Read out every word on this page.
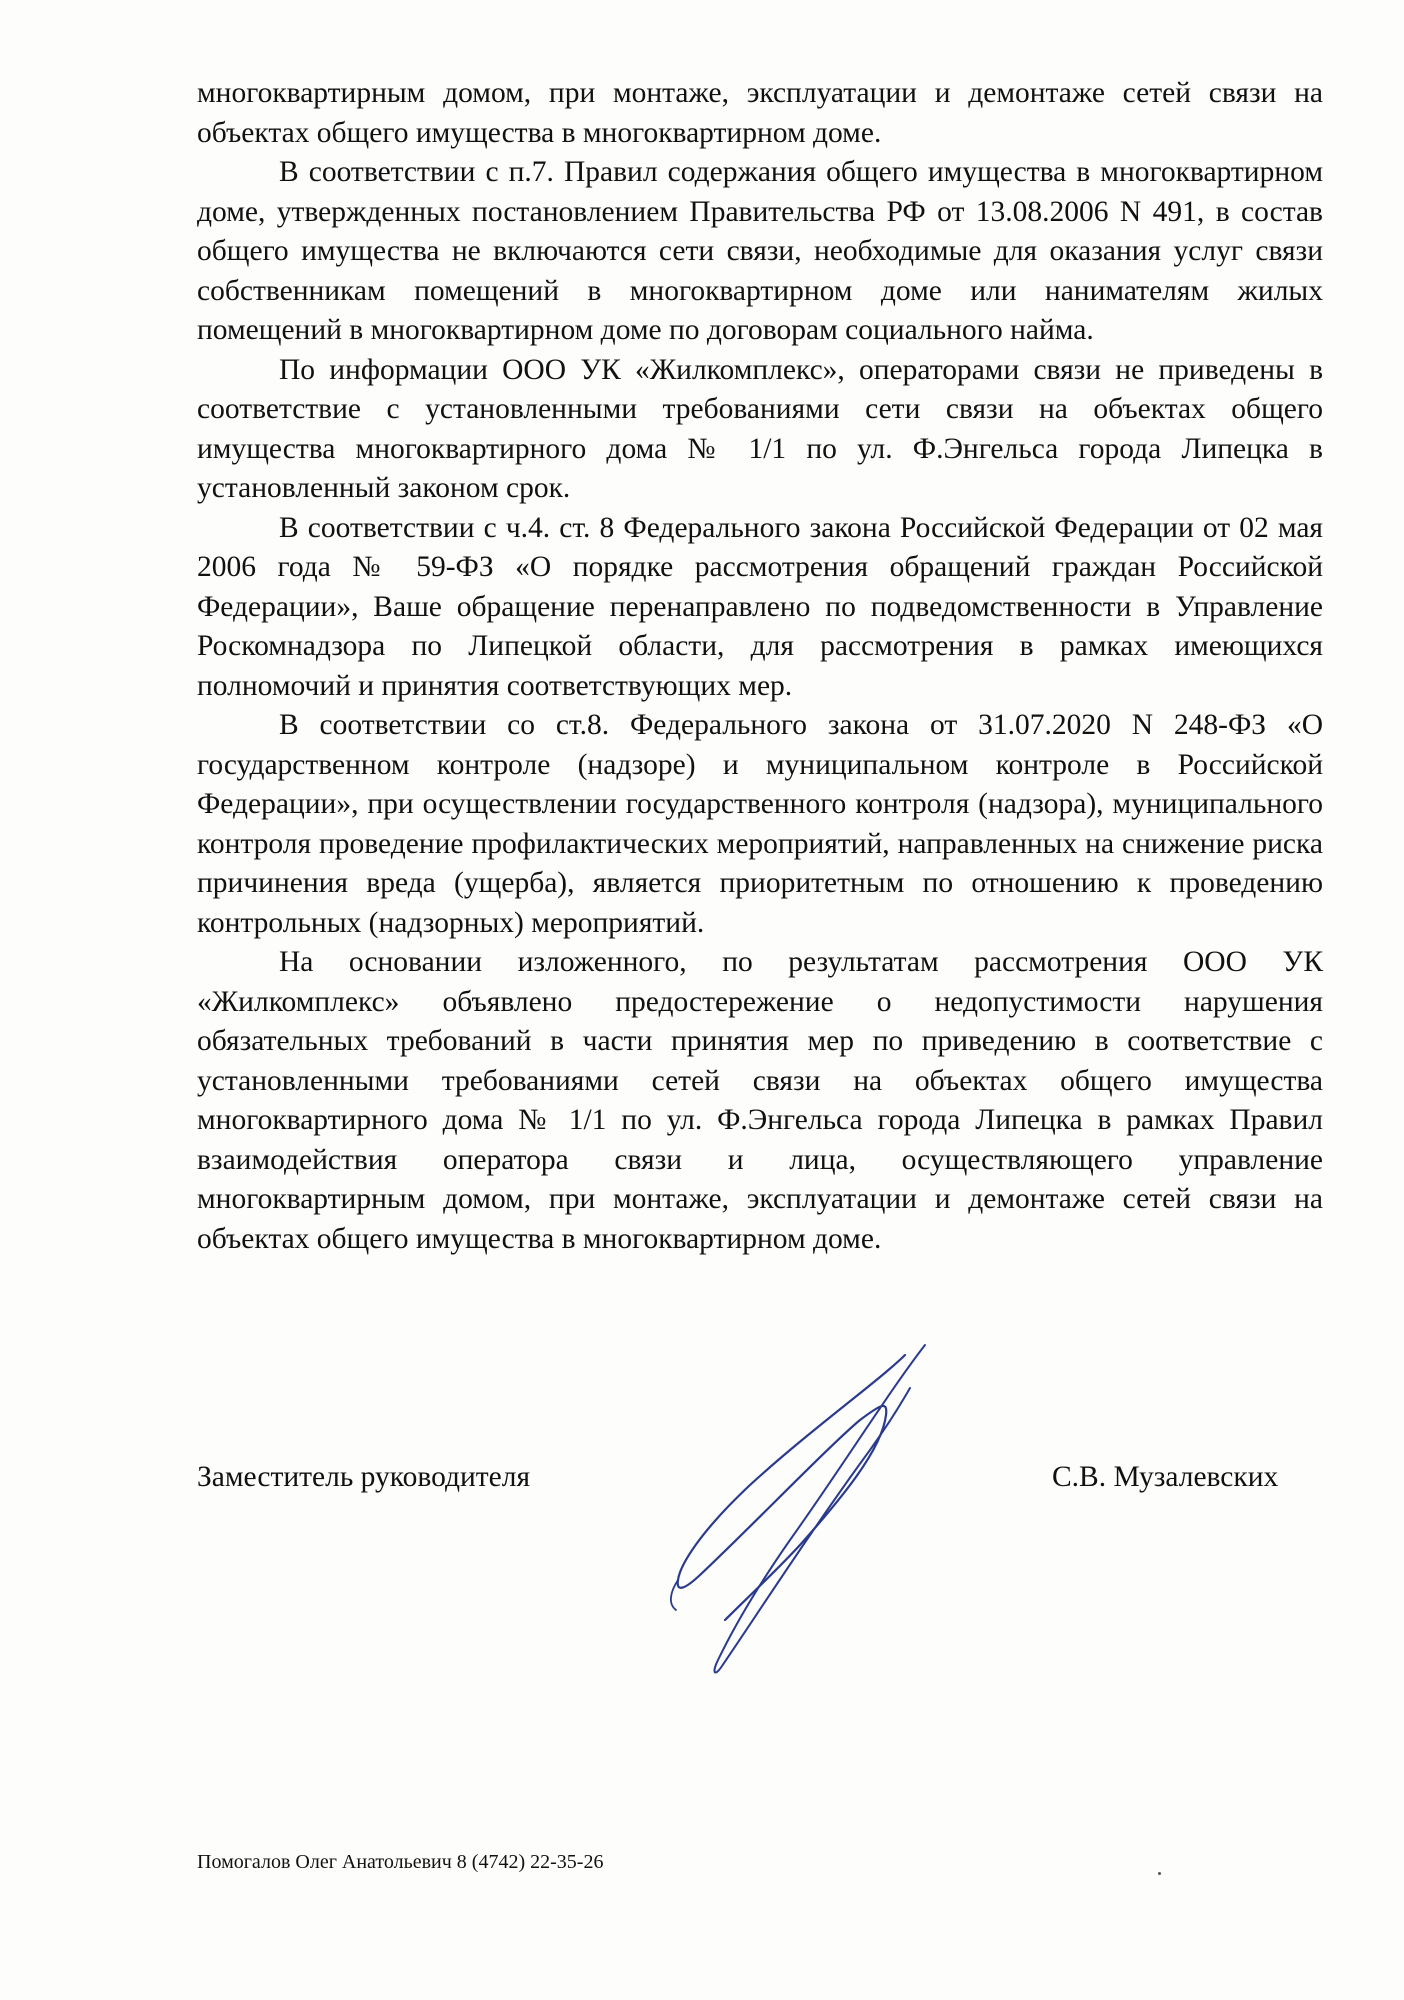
многоквартирным домом, при монтаже, эксплуатации и демонтаже сетей связи на объектах общего имущества в многоквартирном доме.

В соответствии с п.7. Правил содержания общего имущества в многоквартирном доме, утвержденных постановлением Правительства РФ от 13.08.2006 N 491, в состав общего имущества не включаются сети связи, необходимые для оказания услуг связи собственникам помещений в многоквартирном доме или нанимателям жилых помещений в многоквартирном доме по договорам социального найма.

По информации ООО УК «Жилкомплекс», операторами связи не приведены в соответствие с установленными требованиями сети связи на объектах общего имущества многоквартирного дома № 1/1 по ул. Ф.Энгельса города Липецка в установленный законом срок.

В соответствии с ч.4. ст. 8 Федерального закона Российской Федерации от 02 мая 2006 года № 59-ФЗ «О порядке рассмотрения обращений граждан Российской Федерации», Ваше обращение перенаправлено по подведомственности в Управление Роскомнадзора по Липецкой области, для рассмотрения в рамках имеющихся полномочий и принятия соответствующих мер.

В соответствии со ст.8. Федерального закона от 31.07.2020 N 248-ФЗ «О государственном контроле (надзоре) и муниципальном контроле в Российской Федерации», при осуществлении государственного контроля (надзора), муниципального контроля проведение профилактических мероприятий, направленных на снижение риска причинения вреда (ущерба), является приоритетным по отношению к проведению контрольных (надзорных) мероприятий.

На основании изложенного, по результатам рассмотрения ООО УК «Жилкомплекс» объявлено предостережение о недопустимости нарушения обязательных требований в части принятия мер по приведению в соответствие с установленными требованиями сетей связи на объектах общего имущества многоквартирного дома № 1/1 по ул. Ф.Энгельса города Липецка в рамках Правил взаимодействия оператора связи и лица, осуществляющего управление многоквартирным домом, при монтаже, эксплуатации и демонтаже сетей связи на объектах общего имущества в многоквартирном доме.

Заместитель руководителя	С.В. Музалевских
Помогалов Олег Анатольевич 8 (4742) 22-35-26
